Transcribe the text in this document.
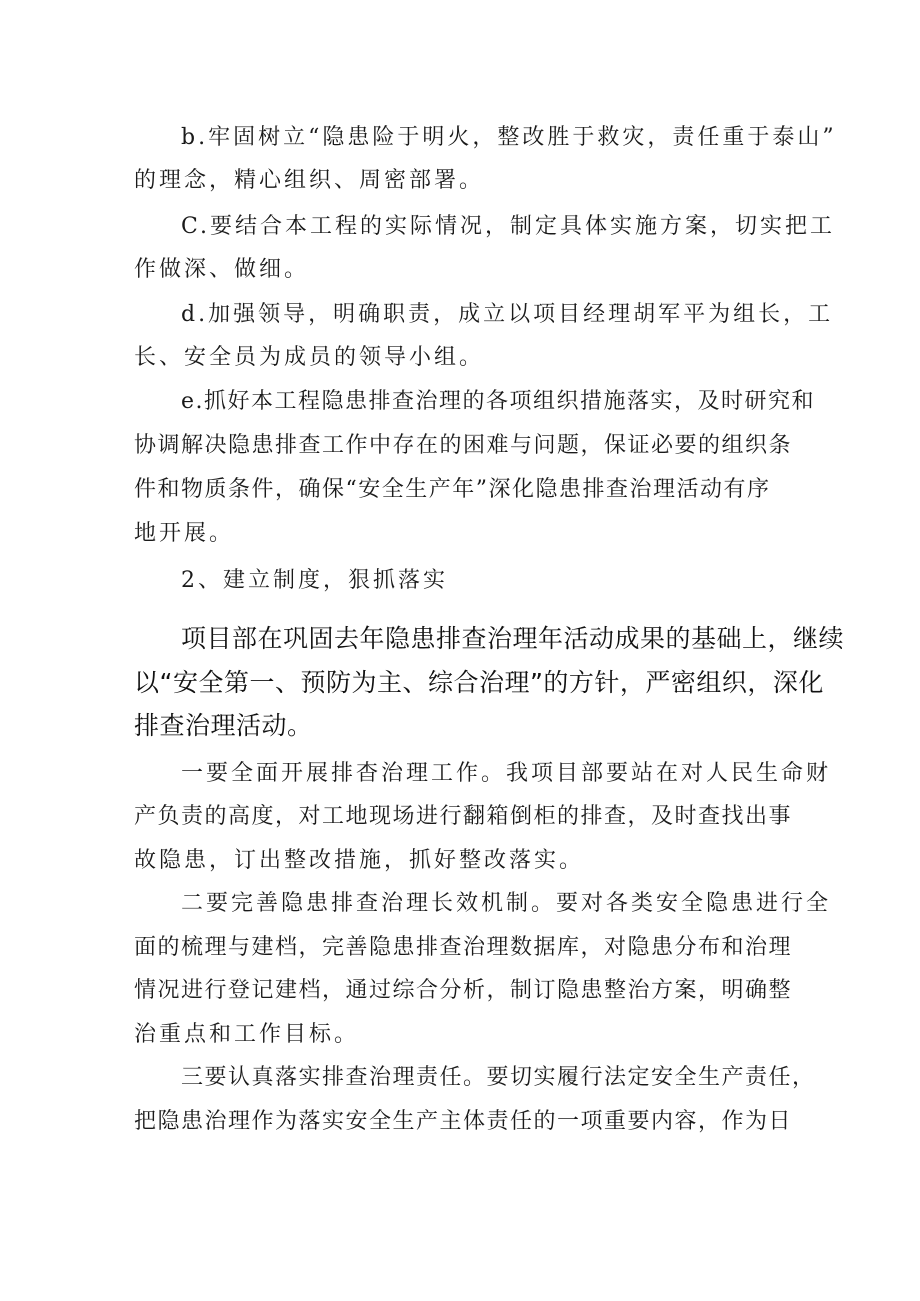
b.牢固树立“隐患险于明火，整改胜于救灾，责任重于泰山”
的理念，精心组织、周密部署。
C.要结合本工程的实际情况，制定具体实施方案，切实把工
作做深、做细。
d.加强领导，明确职责，成立以项目经理胡军平为组长，工
长、安全员为成员的领导小组。
e.抓好本工程隐患排查治理的各项组织措施落实，及时研究和
协调解决隐患排查工作中存在的困难与问题，保证必要的组织条
件和物质条件，确保“安全生产年”深化隐患排查治理活动有序
地开展。
2、建立制度，狠抓落实
项目部在巩固去年隐患排查治理年活动成果的基础上，继续
以“安全第一、预防为主、综合治理”的方针，严密组织，深化
排查治理活动。
一要全面开展排杳治理工作。我项目部要站在对人民生命财
产负责的高度，对工地现场进行翻箱倒柜的排查，及时查找出事
故隐患，订出整改措施，抓好整改落实。
二要完善隐患排查治理长效机制。要对各类安全隐患进行全
面的梳理与建档，完善隐患排查治理数据库，对隐患分布和治理
情况进行登记建档，通过综合分析，制订隐患整治方案，明确整
治重点和工作目标。
三要认真落实排查治理责任。要切实履行法定安全生产责任，
把隐患治理作为落实安全生产主体责任的一项重要内容，作为日
